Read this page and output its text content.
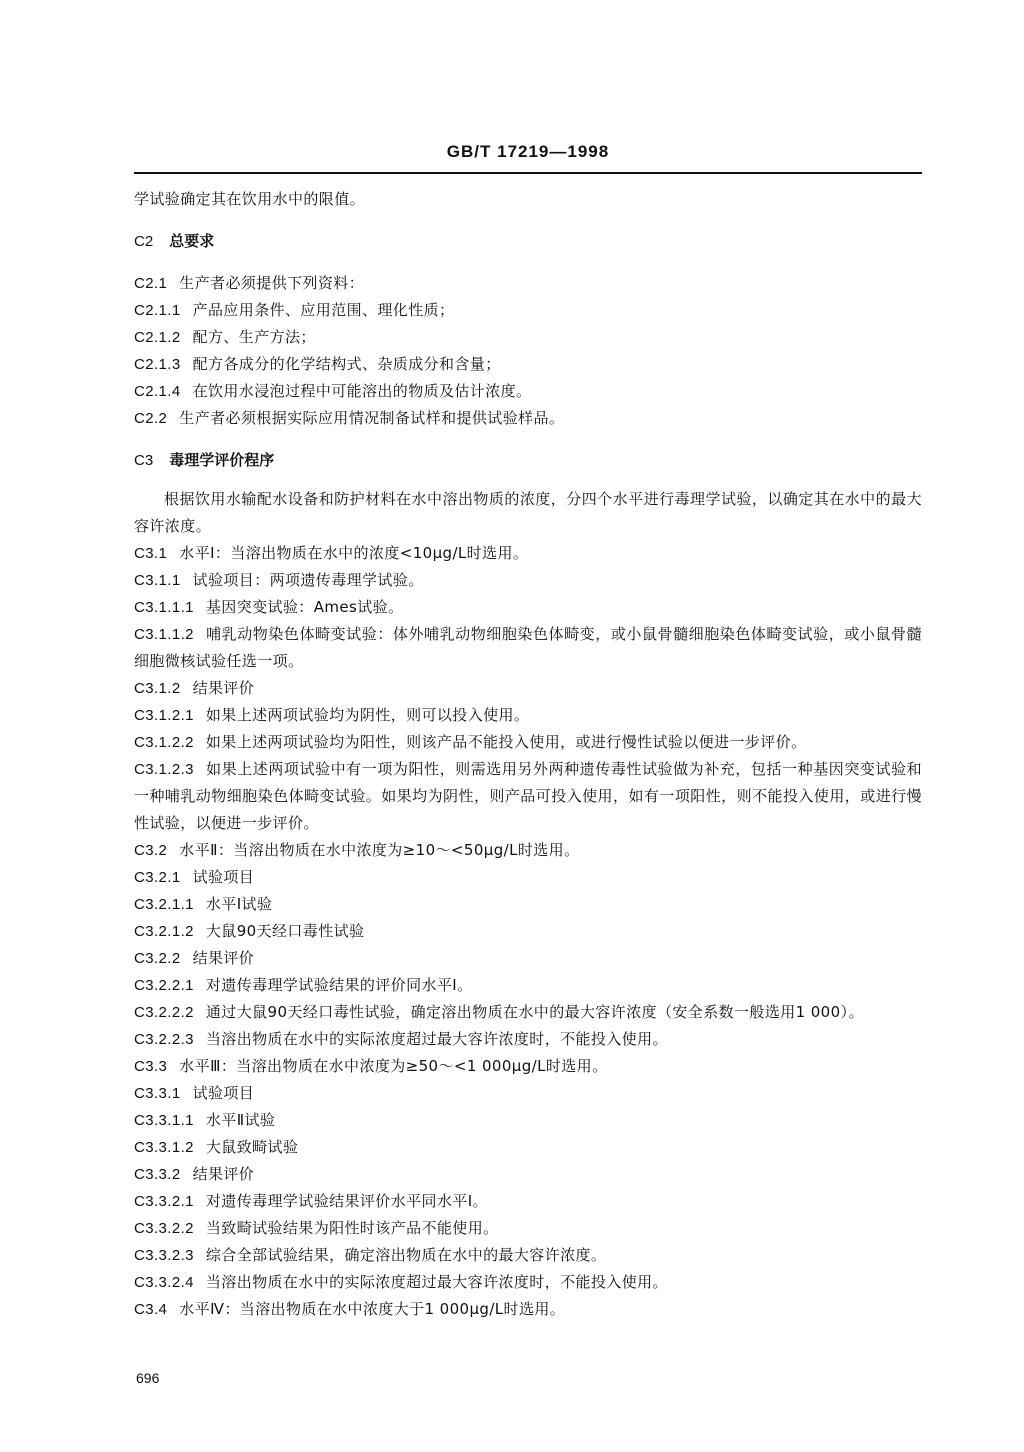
GB/T 17219—1998
学试验确定其在饮用水中的限值。
C2 总要求
C2.1 生产者必须提供下列资料：
C2.1.1 产品应用条件、应用范围、理化性质；
C2.1.2 配方、生产方法；
C2.1.3 配方各成分的化学结构式、杂质成分和含量；
C2.1.4 在饮用水浸泡过程中可能溶出的物质及估计浓度。
C2.2 生产者必须根据实际应用情况制备试样和提供试验样品。
C3 毒理学评价程序
根据饮用水输配水设备和防护材料在水中溶出物质的浓度，分四个水平进行毒理学试验，以确定其在水中的最大容许浓度。
C3.1 水平Ⅰ：当溶出物质在水中的浓度<10μg/L时选用。
C3.1.1 试验项目：两项遗传毒理学试验。
C3.1.1.1 基因突变试验：Ames试验。
C3.1.1.2 哺乳动物染色体畸变试验：体外哺乳动物细胞染色体畸变，或小鼠骨髓细胞染色体畸变试验，或小鼠骨髓细胞微核试验任选一项。
C3.1.2 结果评价
C3.1.2.1 如果上述两项试验均为阴性，则可以投入使用。
C3.1.2.2 如果上述两项试验均为阳性，则该产品不能投入使用，或进行慢性试验以便进一步评价。
C3.1.2.3 如果上述两项试验中有一项为阳性，则需选用另外两种遗传毒性试验做为补充，包括一种基因突变试验和一种哺乳动物细胞染色体畸变试验。如果均为阴性，则产品可投入使用，如有一项阳性，则不能投入使用，或进行慢性试验，以便进一步评价。
C3.2 水平Ⅱ：当溶出物质在水中浓度为≥10～<50μg/L时选用。
C3.2.1 试验项目
C3.2.1.1 水平Ⅰ试验
C3.2.1.2 大鼠90天经口毒性试验
C3.2.2 结果评价
C3.2.2.1 对遗传毒理学试验结果的评价同水平Ⅰ。
C3.2.2.2 通过大鼠90天经口毒性试验，确定溶出物质在水中的最大容许浓度（安全系数一般选用1 000）。
C3.2.2.3 当溶出物质在水中的实际浓度超过最大容许浓度时，不能投入使用。
C3.3 水平Ⅲ：当溶出物质在水中浓度为≥50～<1 000μg/L时选用。
C3.3.1 试验项目
C3.3.1.1 水平Ⅱ试验
C3.3.1.2 大鼠致畸试验
C3.3.2 结果评价
C3.3.2.1 对遗传毒理学试验结果评价水平同水平Ⅰ。
C3.3.2.2 当致畸试验结果为阳性时该产品不能使用。
C3.3.2.3 综合全部试验结果，确定溶出物质在水中的最大容许浓度。
C3.3.2.4 当溶出物质在水中的实际浓度超过最大容许浓度时，不能投入使用。
C3.4 水平Ⅳ：当溶出物质在水中浓度大于1 000μg/L时选用。
696
